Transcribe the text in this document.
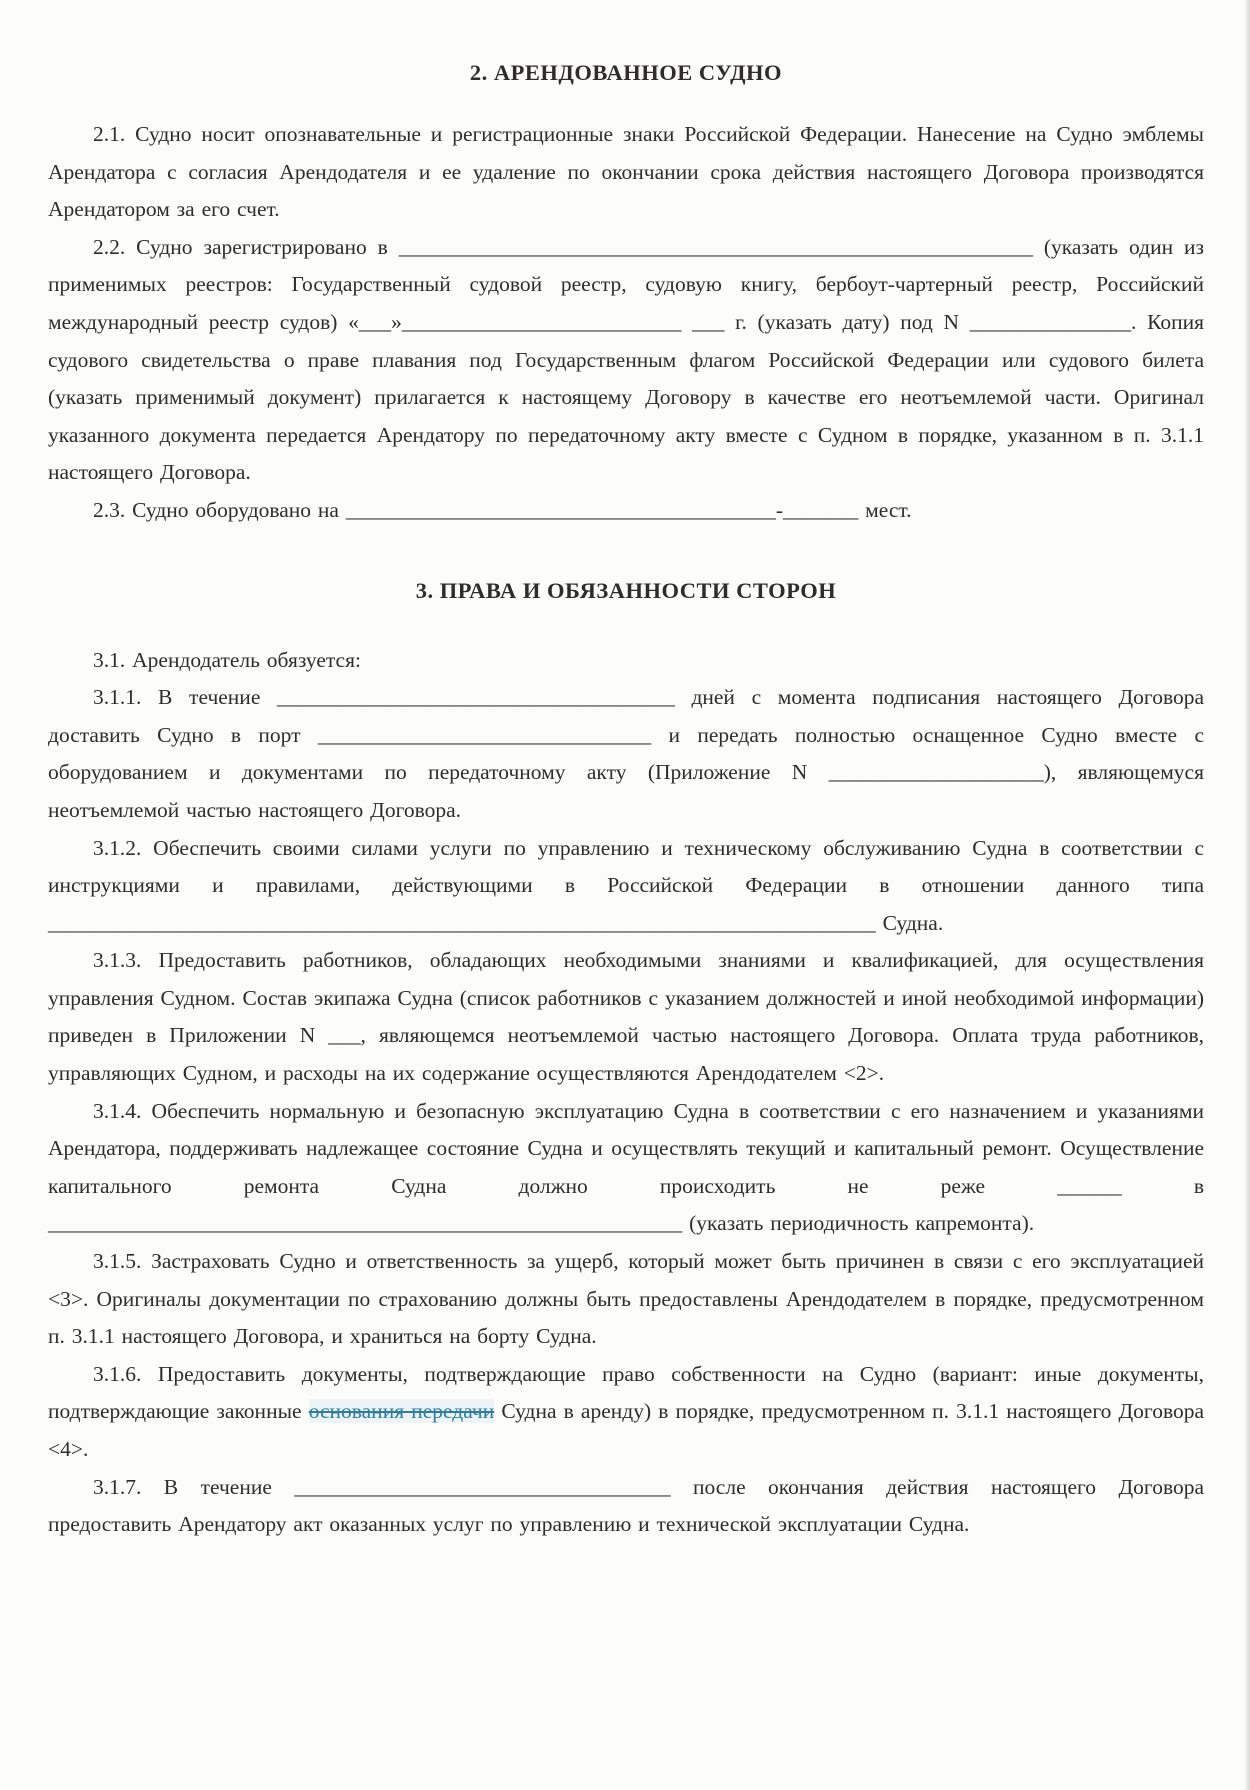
2. АРЕНДОВАННОЕ СУДНО

2.1. Судно носит опознавательные и регистрационные знаки Российской Федерации. Нанесение на Судно эмблемы Арендатора с согласия Арендодателя и ее удаление по окончании срока действия настоящего Договора производятся Арендатором за его счет.

2.2. Судно зарегистрировано в ___________________________________________________________ (указать один из применимых реестров: Государственный судовой реестр, судовую книгу, бербоут-чартерный реестр, Российский международный реестр судов) «___»__________________________ ___ г. (указать дату) под N _______________. Копия судового свидетельства о праве плавания под Государственным флагом Российской Федерации или судового билета (указать применимый документ) прилагается к настоящему Договору в качестве его неотъемлемой части. Оригинал указанного документа передается Арендатору по передаточному акту вместе с Судном в порядке, указанном в п. 3.1.1 настоящего Договора.

2.3. Судно оборудовано на ________________________________________-_______ мест.

3. ПРАВА И ОБЯЗАННОСТИ СТОРОН

3.1. Арендодатель обязуется:

3.1.1. В течение _____________________________________ дней с момента подписания настоящего Договора доставить Судно в порт _______________________________ и передать полностью оснащенное Судно вместе с оборудованием и документами по передаточному акту (Приложение N ____________________), являющемуся неотъемлемой частью настоящего Договора.

3.1.2. Обеспечить своими силами услуги по управлению и техническому обслуживанию Судна в соответствии с инструкциями и правилами, действующими в Российской Федерации в отношении данного типа _____________________________________________________________________________ Судна.

3.1.3. Предоставить работников, обладающих необходимыми знаниями и квалификацией, для осуществления управления Судном. Состав экипажа Судна (список работников с указанием должностей и иной необходимой информации) приведен в Приложении N ___, являющемся неотъемлемой частью настоящего Договора. Оплата труда работников, управляющих Судном, и расходы на их содержание осуществляются Арендодателем <2>.

3.1.4. Обеспечить нормальную и безопасную эксплуатацию Судна в соответствии с его назначением и указаниями Арендатора, поддерживать надлежащее состояние Судна и осуществлять текущий и капитальный ремонт. Осуществление капитального ремонта Судна должно происходить не реже ______ в ___________________________________________________________ (указать периодичность капремонта).

3.1.5. Застраховать Судно и ответственность за ущерб, который может быть причинен в связи с его эксплуатацией <3>. Оригиналы документации по страхованию должны быть предоставлены Арендодателем в порядке, предусмотренном п. 3.1.1 настоящего Договора, и храниться на борту Судна.

3.1.6. Предоставить документы, подтверждающие право собственности на Судно (вариант: иные документы, подтверждающие законные основания передачи Судна в аренду) в порядке, предусмотренном п. 3.1.1 настоящего Договора <4>.

3.1.7. В течение ___________________________________ после окончания действия настоящего Договора предоставить Арендатору акт оказанных услуг по управлению и технической эксплуатации Судна.
